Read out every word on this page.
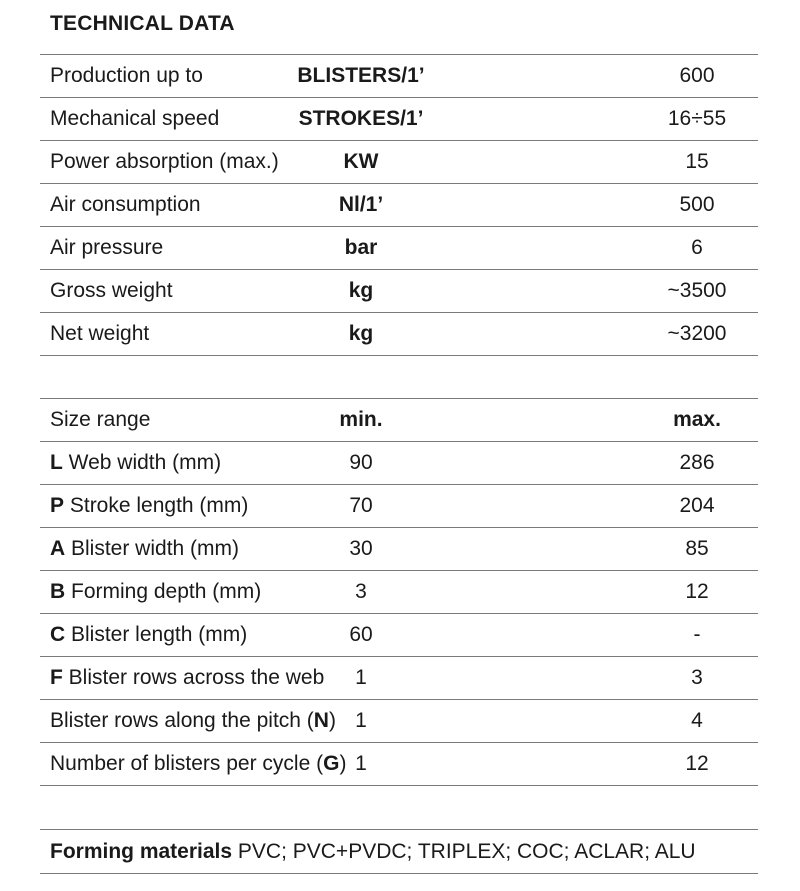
TECHNICAL DATA
Production up to	BLISTERS/1’	600
Mechanical speed	STROKES/1’	16÷55
Power absorption (max.)	KW	15
Air consumption	Nl/1’	500
Air pressure	bar	6
Gross weight	kg	~3500
Net weight	kg	~3200
Size range	min.	max.
L Web width (mm)	90	286
P Stroke length (mm)	70	204
A Blister width (mm)	30	85
B Forming depth (mm)	3	12
C Blister length (mm)	60	-
F Blister rows across the web	1	3
Blister rows along the pitch (N) 1	4
Number of blisters per cycle (G) 1	12
Forming materials PVC; PVC+PVDC; TRIPLEX; COC; ACLAR; ALU
